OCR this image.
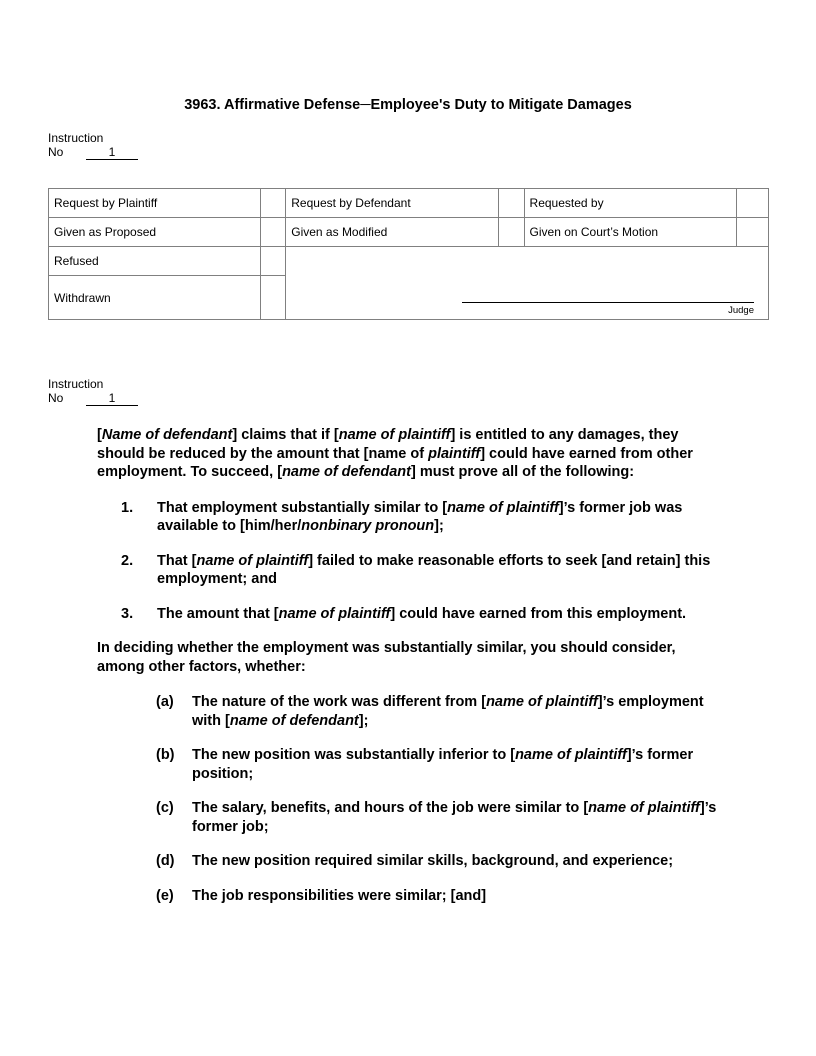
3963. Affirmative Defense─Employee's Duty to Mitigate Damages
Instruction
No	1
Request by Plaintiff		Request by Defendant		Requested by	
Given as Proposed		Given as Modified		Given on Court’s Motion	
Refused		Judge			

Withdrawn					
Instruction
No	1

[Name of defendant] claims that if [name of plaintiff] is entitled to any damages, they should be reduced by the amount that [name of plaintiff] could have earned from other employment. To succeed, [name of defendant] must prove all of the following:

1.	That employment substantially similar to [name of plaintiff]’s former job was available to [him/her/nonbinary pronoun];
2.	That [name of plaintiff] failed to make reasonable efforts to seek [and retain] this employment; and
3.	The amount that [name of plaintiff] could have earned from this employment.

In deciding whether the employment was substantially similar, you should consider, among other factors, whether:

(a)	The nature of the work was different from [name of plaintiff]’s employment with [name of defendant];
(b)	The new position was substantially inferior to [name of plaintiff]’s former position;
(c)	The salary, benefits, and hours of the job were similar to [name of plaintiff]’s former job;
(d)	The new position required similar skills, background, and experience;
(e)	The job responsibilities were similar; [and]
